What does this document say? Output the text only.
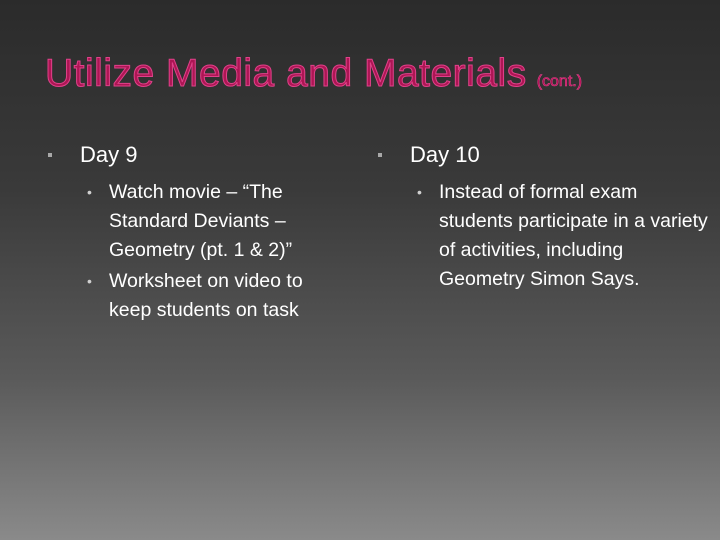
Utilize Media and Materials (cont.)
Day 9
• Watch movie – “The Standard Deviants – Geometry (pt. 1 & 2)”
• Worksheet on video to keep students on task
Day 10
• Instead of formal exam students participate in a variety of activities, including Geometry Simon Says.
